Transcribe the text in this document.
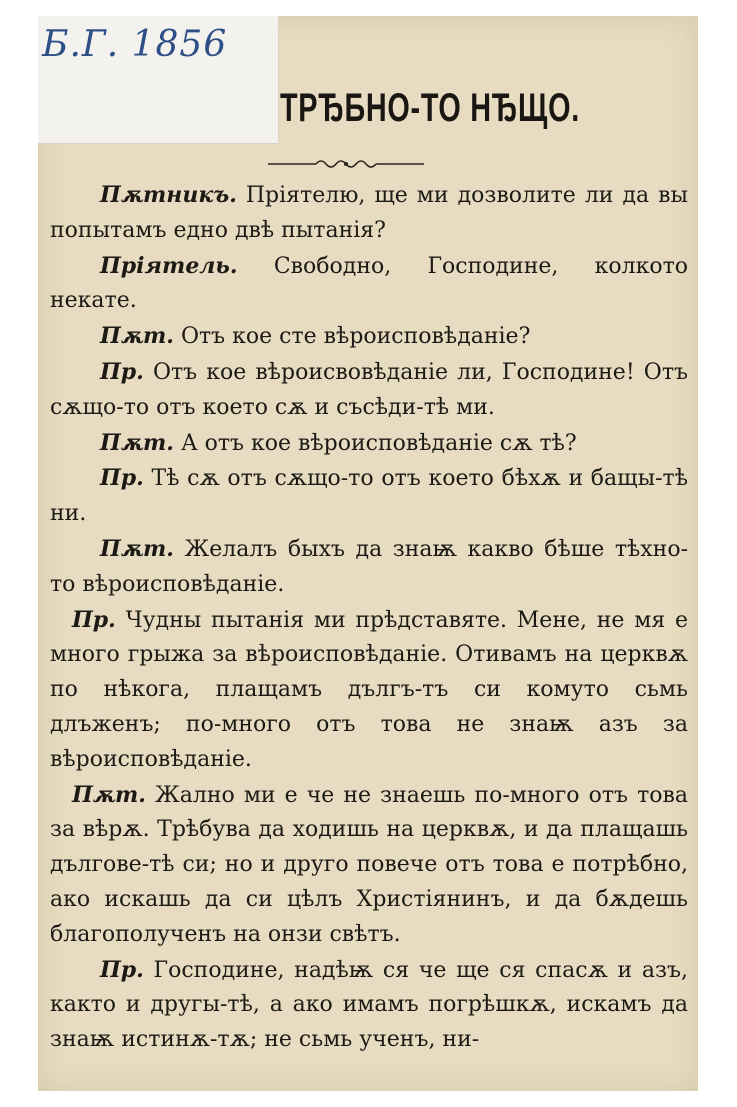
Б.Г. 1856
ТРЂБНО-ТО НЂЩО.

Пѫтникъ. Пріятелю, ще ми дозволите ли да вы попытамъ едно двѣ пытанія?

Пріятель. Свободно, Господине, колкото некате.

Пѫт. Отъ кое сте вѣроисповѣданіе?

Пр. Отъ кое вѣроисвовѣданіе ли, Господине! Отъ сѫщо-то отъ което сѫ и съсѣди-тѣ ми.

Пѫт. А отъ кое вѣроисповѣданіе сѫ тѣ?

Пр. Тѣ сѫ отъ сѫщо-то отъ което бѣхѫ и бащы-тѣ ни.

Пѫт. Желалъ быхъ да знаѭ какво бѣше тѣхно-то вѣроисповѣданіе.

Пр. Чудны пытанія ми прѣдставяте. Мене, не мя е много грыжа за вѣроисповѣданіе. Отивамъ на церквѫ по нѣкога, плащамъ дългъ-тъ си комуто сьмь длъженъ; по-много отъ това не знаѭ азъ за вѣроисповѣданіе.

Пѫт. Жално ми е че не знаешь по-много отъ това за вѣрѫ. Трѣбува да ходишь на церквѫ, и да плащашь дългове-тѣ си; но и друго повече отъ това е потрѣбно, ако искашь да си цѣлъ Христіянинъ, и да бѫдешь благополученъ на онзи свѣтъ.

Пр. Господине, надѣѭ ся че ще ся спасѫ и азъ, както и другы-тѣ, а ако имамъ погрѣшкѫ, искамъ да знаѭ истинѫ-тѫ; не сьмь ученъ, ни-
